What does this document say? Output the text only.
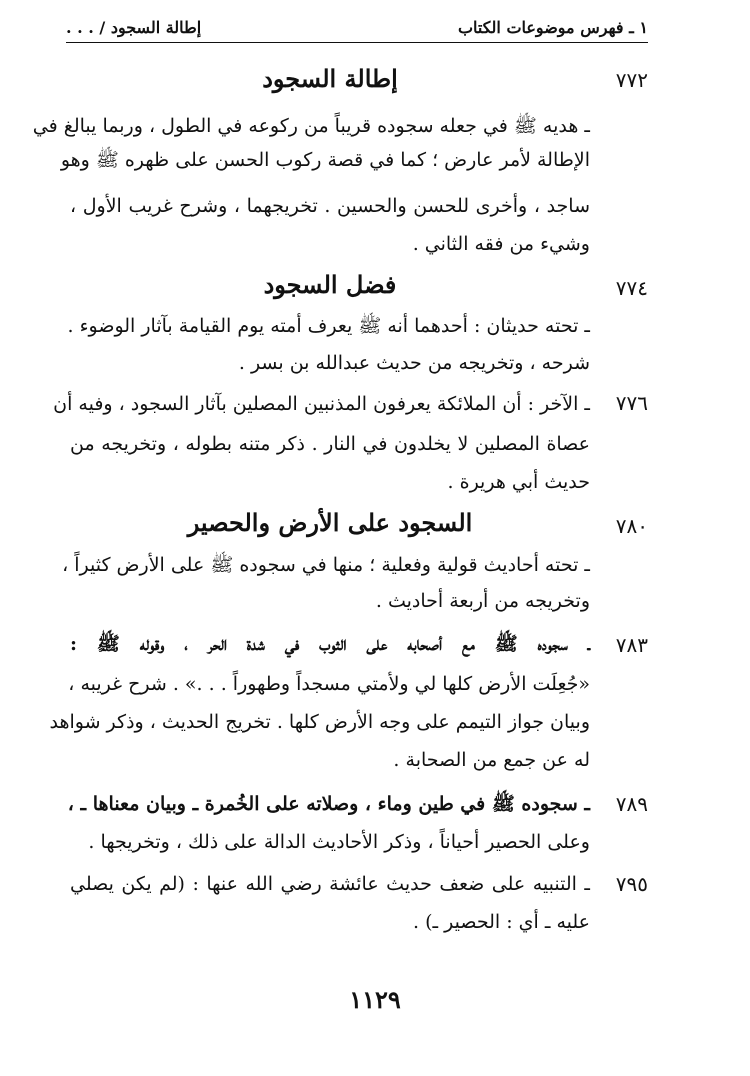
١ ـ فهرس موضوعات الكتاب
إطالة السجود / . . .
٧٧٢
إطالة السجود
ـ هديه ﷺ في جعله سجوده قريباً من ركوعه في الطول ، وربما يبالغ في
الإطالة لأمر عارض ؛ كما في قصة ركوب الحسن على ظهره ﷺ وهو
ساجد ، وأخرى للحسن والحسين . تخريجهما ، وشرح غريب الأول ،
وشيء من فقه الثاني .
٧٧٤
فضل السجود
ـ تحته حديثان : أحدهما أنه ﷺ يعرف أمته يوم القيامة بآثار الوضوء .
شرحه ، وتخريجه من حديث عبدالله بن بسر .
٧٧٦
ـ الآخر : أن الملائكة يعرفون المذنبين المصلين بآثار السجود ، وفيه أن
عصاة المصلين لا يخلدون في النار . ذكر متنه بطوله ، وتخريجه من
حديث أبي هريرة .
٧٨٠
السجود على الأرض والحصير
ـ تحته أحاديث قولية وفعلية ؛ منها في سجوده ﷺ على الأرض كثيراً ،
وتخريجه من أربعة أحاديث .
٧٨٣
ـ سجوده ﷺ مع أصحابه على الثوب في شدة الحر ، وقوله ﷺ :
«جُعِلَت الأرض كلها لي ولأمتي مسجداً وطهوراً . . .» . شرح غريبه ،
وبيان جواز التيمم على وجه الأرض كلها . تخريج الحديث ، وذكر شواهد
له عن جمع من الصحابة .
٧٨٩
ـ سجوده ﷺ في طين وماء ، وصلاته على الخُمرة ـ وبيان معناها ـ ،
وعلى الحصير أحياناً ، وذكر الأحاديث الدالة على ذلك ، وتخريجها .
٧٩٥
ـ التنبيه على ضعف حديث عائشة رضي الله عنها : (لم يكن يصلي
عليه ـ أي : الحصير ـ) .
١١٢٩
